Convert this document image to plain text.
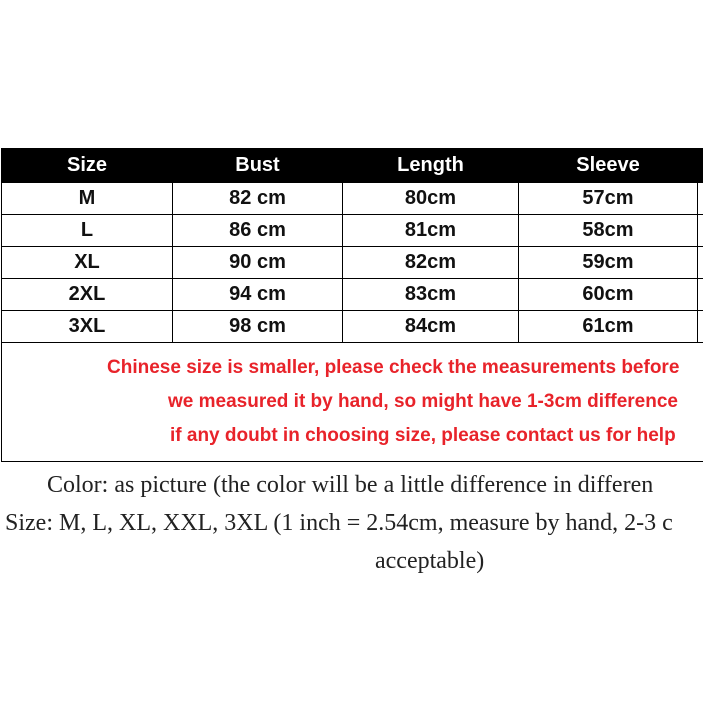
Size	Bust	Length	Sleeve	
M	82 cm	80cm	57cm	
L	86 cm	81cm	58cm	
XL	90 cm	82cm	59cm	
2XL	94 cm	83cm	60cm	
3XL	98 cm	84cm	61cm	

Chinese size is smaller, please check the measurements before
we measured it by hand, so might have 1-3cm difference
if any doubt in choosing size, please contact us for help				
Color: as picture (the color will be a little difference in differen
Size: M, L, XL, XXL, 3XL (1 inch = 2.54cm, measure by hand, 2-3 c
acceptable)
